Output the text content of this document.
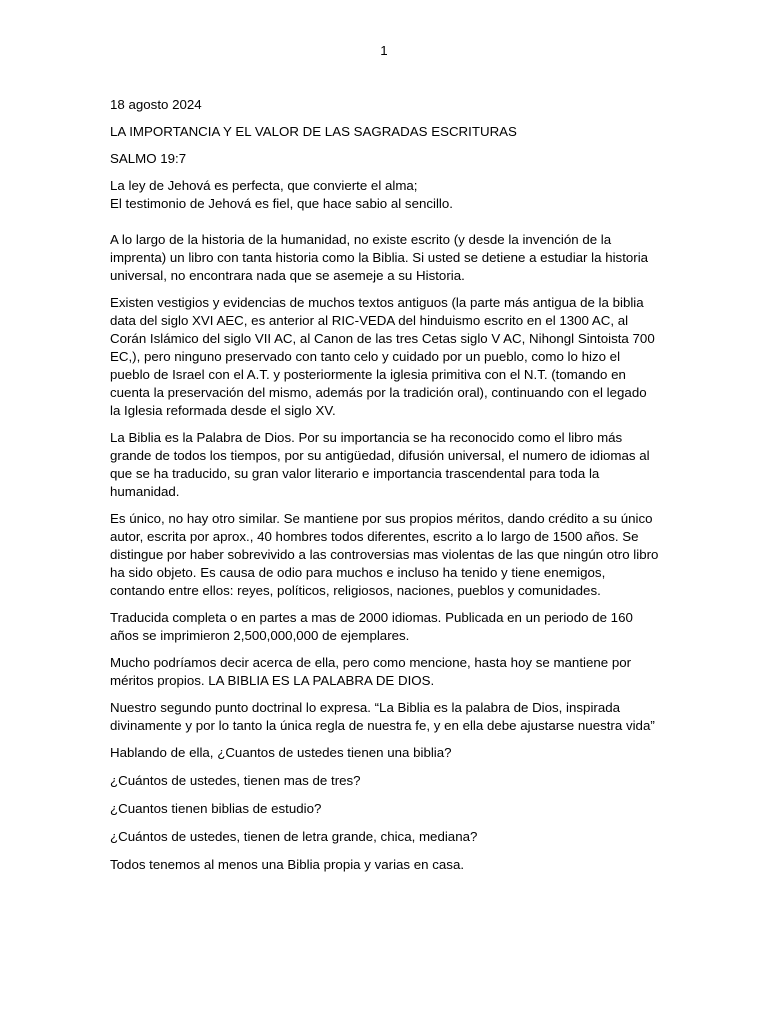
1

18 agosto 2024

LA IMPORTANCIA Y EL VALOR DE LAS SAGRADAS ESCRITURAS

SALMO 19:7

La ley de Jehová es perfecta, que convierte el alma;
El testimonio de Jehová es fiel, que hace sabio al sencillo.

A lo largo de la historia de la humanidad, no existe escrito (y desde la invención de la imprenta) un libro con tanta historia como la Biblia. Si usted se detiene a estudiar la historia universal, no encontrara nada que se asemeje a su Historia.

Existen vestigios y evidencias de muchos textos antiguos (la parte más antigua de la biblia data del siglo XVI AEC, es anterior al RIC-VEDA del hinduismo escrito en el 1300 AC, al Corán Islámico del siglo VII AC, al Canon de las tres Cetas siglo V AC, Nihongl Sintoista 700 EC,), pero ninguno preservado con tanto celo y cuidado por un pueblo, como lo hizo el pueblo de Israel con el A.T. y posteriormente la iglesia primitiva con el N.T. (tomando en cuenta la preservación del mismo, además por la tradición oral), continuando con el legado la Iglesia reformada desde el siglo XV.

La Biblia es la Palabra de Dios. Por su importancia se ha reconocido como el libro más grande de todos los tiempos, por su antigüedad, difusión universal, el numero de idiomas al que se ha traducido, su gran valor literario e importancia trascendental para toda la humanidad.

Es único, no hay otro similar. Se mantiene por sus propios méritos, dando crédito a su único autor, escrita por aprox., 40 hombres todos diferentes, escrito a lo largo de 1500 años. Se distingue por haber sobrevivido a las controversias mas violentas de las que ningún otro libro ha sido objeto. Es causa de odio para muchos e incluso ha tenido y tiene enemigos, contando entre ellos: reyes, políticos, religiosos, naciones, pueblos y comunidades.

Traducida completa o en partes a mas de 2000 idiomas. Publicada en un periodo de 160 años se imprimieron 2,500,000,000 de ejemplares.

Mucho podríamos decir acerca de ella, pero como mencione, hasta hoy se mantiene por méritos propios. LA BIBLIA ES LA PALABRA DE DIOS.

Nuestro segundo punto doctrinal lo expresa. “La Biblia es la palabra de Dios, inspirada divinamente y por lo tanto la única regla de nuestra fe, y en ella debe ajustarse nuestra vida”

Hablando de ella, ¿Cuantos de ustedes tienen una biblia?

¿Cuántos de ustedes, tienen mas de tres?

¿Cuantos tienen biblias de estudio?

¿Cuántos de ustedes, tienen de letra grande, chica, mediana?

Todos tenemos al menos una Biblia propia y varias en casa.
